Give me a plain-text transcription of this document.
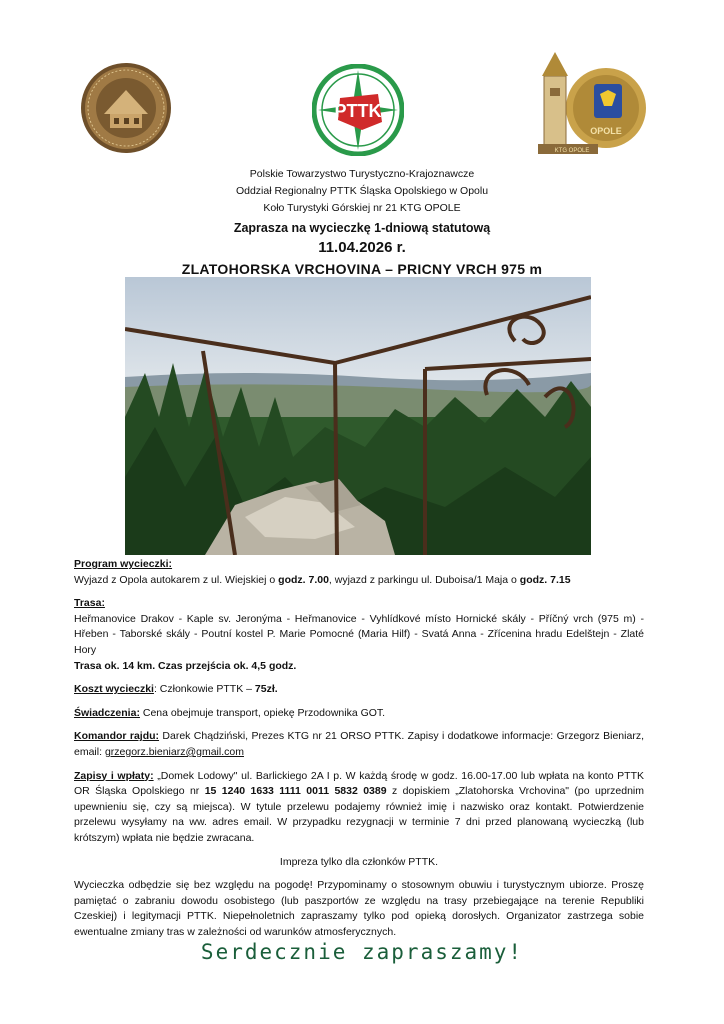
PTTK
OPOLE
KTG OPOLE
Polskie Towarzystwo Turystyczno-Krajoznawcze
Oddział Regionalny PTTK Śląska Opolskiego w Opolu
Koło Turystyki Górskiej nr 21 KTG OPOLE
Zaprasza na wycieczkę 1-dniową statutową
11.04.2026 r.
ZLATOHORSKA VRCHOVINA – PRICNY VRCH 975 m

Program wycieczki:

Wyjazd z Opola autokarem z ul. Wiejskiej o godz. 7.00, wyjazd z parkingu ul. Duboisa/1 Maja o godz. 7.15

Trasa:

Heřmanovice Drakov - Kaple sv. Jeronýma - Heřmanovice - Vyhlídkové místo Hornické skály - Příčný vrch (975 m) - Hřeben - Taborské skály - Poutní kostel P. Marie Pomocné (Maria Hilf) - Svatá Anna - Zřícenina hradu Edelštejn - Zlaté Hory

Trasa ok. 14 km. Czas przejścia ok. 4,5 godz.

Koszt wycieczki: Członkowie PTTK – 75zł.

Świadczenia: Cena obejmuje transport, opiekę Przodownika GOT.

Komandor rajdu: Darek Chądziński, Prezes KTG nr 21 ORSO PTTK. Zapisy i dodatkowe informacje: Grzegorz Bieniarz, email: grzegorz.bieniarz@gmail.com

Zapisy i wpłaty: „Domek Lodowy" ul. Barlickiego 2A I p. W każdą środę w godz. 16.00-17.00 lub wpłata na konto PTTK OR Śląska Opolskiego nr 15 1240 1633 1111 0011 5832 0389 z dopiskiem „Zlatohorska Vrchovina" (po uprzednim upewnieniu się, czy są miejsca). W tytule przelewu podajemy również imię i nazwisko oraz kontakt. Potwierdzenie przelewu wysyłamy na ww. adres email. W przypadku rezygnacji w terminie 7 dni przed planowaną wycieczką (lub krótszym) wpłata nie będzie zwracana.

Impreza tylko dla członków PTTK.

Wycieczka odbędzie się bez względu na pogodę! Przypominamy o stosownym obuwiu i turystycznym ubiorze. Proszę pamiętać o zabraniu dowodu osobistego (lub paszportów ze względu na trasy przebiegające na terenie Republiki Czeskiej) i legitymacji PTTK. Niepełnoletnich zapraszamy tylko pod opieką dorosłych. Organizator zastrzega sobie ewentualne zmiany tras w zależności od warunków atmosferycznych.

Serdecznie zapraszamy!
